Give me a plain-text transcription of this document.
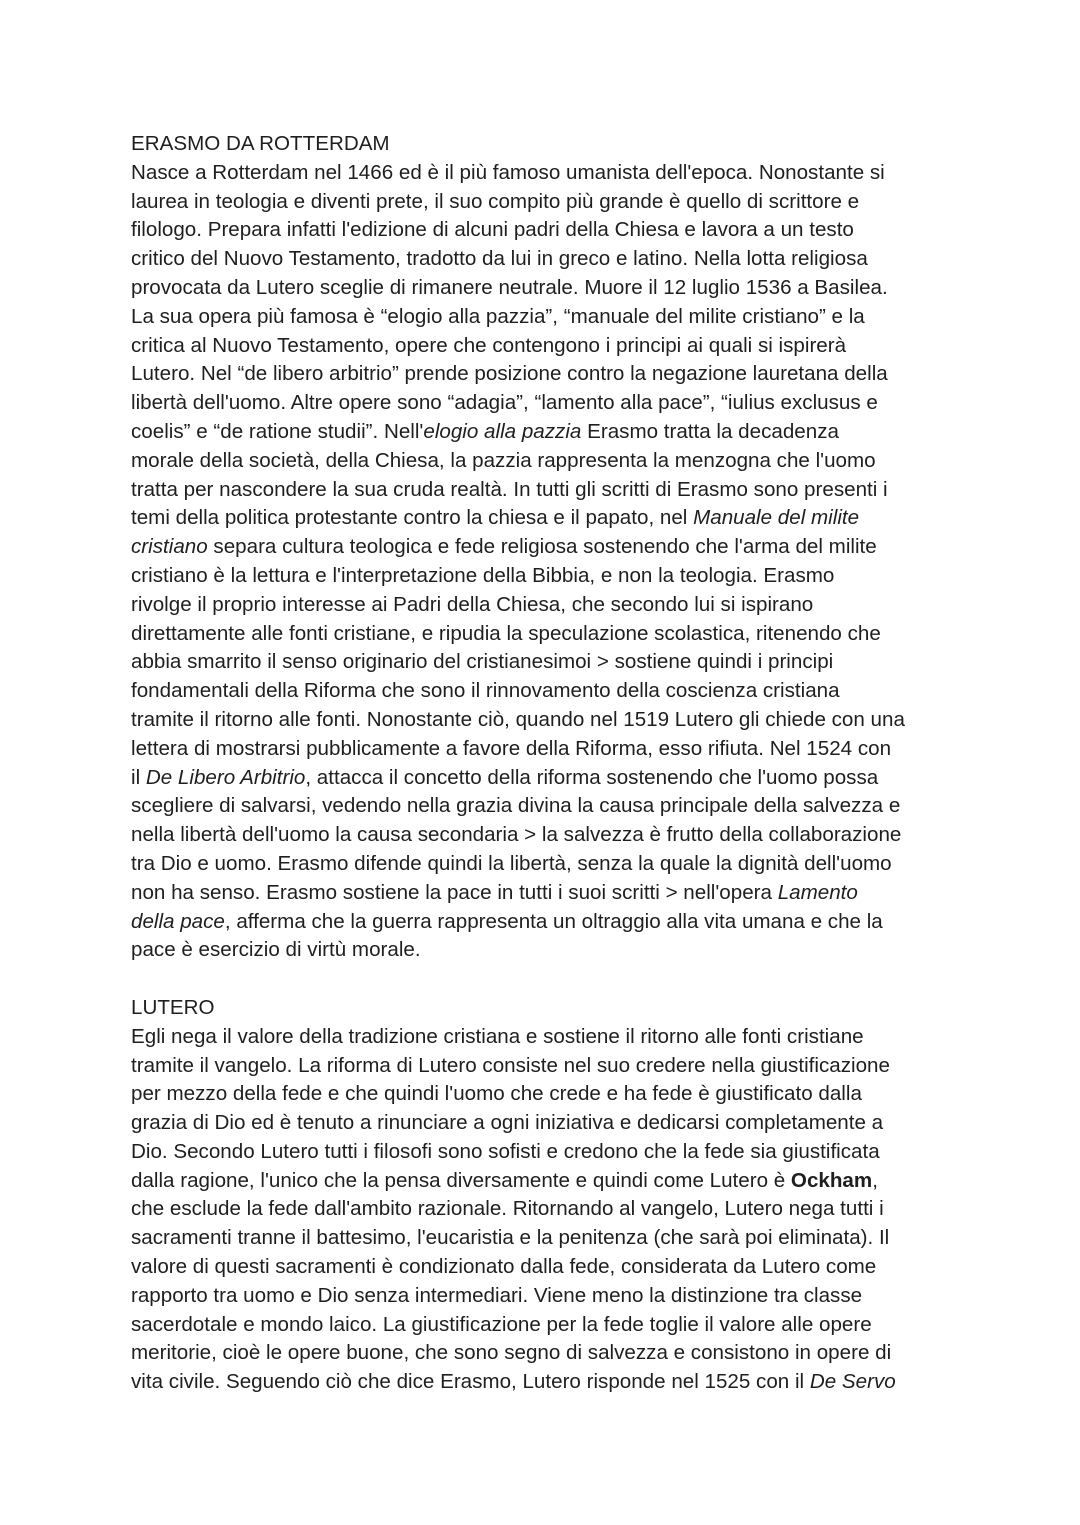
ERASMO DA ROTTERDAM
Nasce a Rotterdam nel 1466 ed è il più famoso umanista dell'epoca. Nonostante si
laurea in teologia e diventi prete, il suo compito più grande è quello di scrittore e
filologo. Prepara infatti l'edizione di alcuni padri della Chiesa e lavora a un testo
critico del Nuovo Testamento, tradotto da lui in greco e latino. Nella lotta religiosa
provocata da Lutero sceglie di rimanere neutrale. Muore il 12 luglio 1536 a Basilea.
La sua opera più famosa è “elogio alla pazzia”, “manuale del milite cristiano” e la
critica al Nuovo Testamento, opere che contengono i principi ai quali si ispirerà
Lutero. Nel “de libero arbitrio” prende posizione contro la negazione lauretana della
libertà dell'uomo. Altre opere sono “adagia”, “lamento alla pace”, “iulius exclusus e
coelis” e “de ratione studii”. Nell'elogio alla pazzia Erasmo tratta la decadenza
morale della società, della Chiesa, la pazzia rappresenta la menzogna che l'uomo
tratta per nascondere la sua cruda realtà. In tutti gli scritti di Erasmo sono presenti i
temi della politica protestante contro la chiesa e il papato, nel Manuale del milite
cristiano separa cultura teologica e fede religiosa sostenendo che l'arma del milite
cristiano è la lettura e l'interpretazione della Bibbia, e non la teologia. Erasmo
rivolge il proprio interesse ai Padri della Chiesa, che secondo lui si ispirano
direttamente alle fonti cristiane, e ripudia la speculazione scolastica, ritenendo che
abbia smarrito il senso originario del cristianesimoi > sostiene quindi i principi
fondamentali della Riforma che sono il rinnovamento della coscienza cristiana
tramite il ritorno alle fonti. Nonostante ciò, quando nel 1519 Lutero gli chiede con una
lettera di mostrarsi pubblicamente a favore della Riforma, esso rifiuta. Nel 1524 con
il De Libero Arbitrio, attacca il concetto della riforma sostenendo che l'uomo possa
scegliere di salvarsi, vedendo nella grazia divina la causa principale della salvezza e
nella libertà dell'uomo la causa secondaria > la salvezza è frutto della collaborazione
tra Dio e uomo. Erasmo difende quindi la libertà, senza la quale la dignità dell'uomo
non ha senso. Erasmo sostiene la pace in tutti i suoi scritti > nell'opera Lamento
della pace, afferma che la guerra rappresenta un oltraggio alla vita umana e che la
pace è esercizio di virtù morale.
LUTERO
Egli nega il valore della tradizione cristiana e sostiene il ritorno alle fonti cristiane
tramite il vangelo. La riforma di Lutero consiste nel suo credere nella giustificazione
per mezzo della fede e che quindi l'uomo che crede e ha fede è giustificato dalla
grazia di Dio ed è tenuto a rinunciare a ogni iniziativa e dedicarsi completamente a
Dio. Secondo Lutero tutti i filosofi sono sofisti e credono che la fede sia giustificata
dalla ragione, l'unico che la pensa diversamente e quindi come Lutero è Ockham,
che esclude la fede dall'ambito razionale. Ritornando al vangelo, Lutero nega tutti i
sacramenti tranne il battesimo, l'eucaristia e la penitenza (che sarà poi eliminata). Il
valore di questi sacramenti è condizionato dalla fede, considerata da Lutero come
rapporto tra uomo e Dio senza intermediari. Viene meno la distinzione tra classe
sacerdotale e mondo laico. La giustificazione per la fede toglie il valore alle opere
meritorie, cioè le opere buone, che sono segno di salvezza e consistono in opere di
vita civile. Seguendo ciò che dice Erasmo, Lutero risponde nel 1525 con il De Servo
